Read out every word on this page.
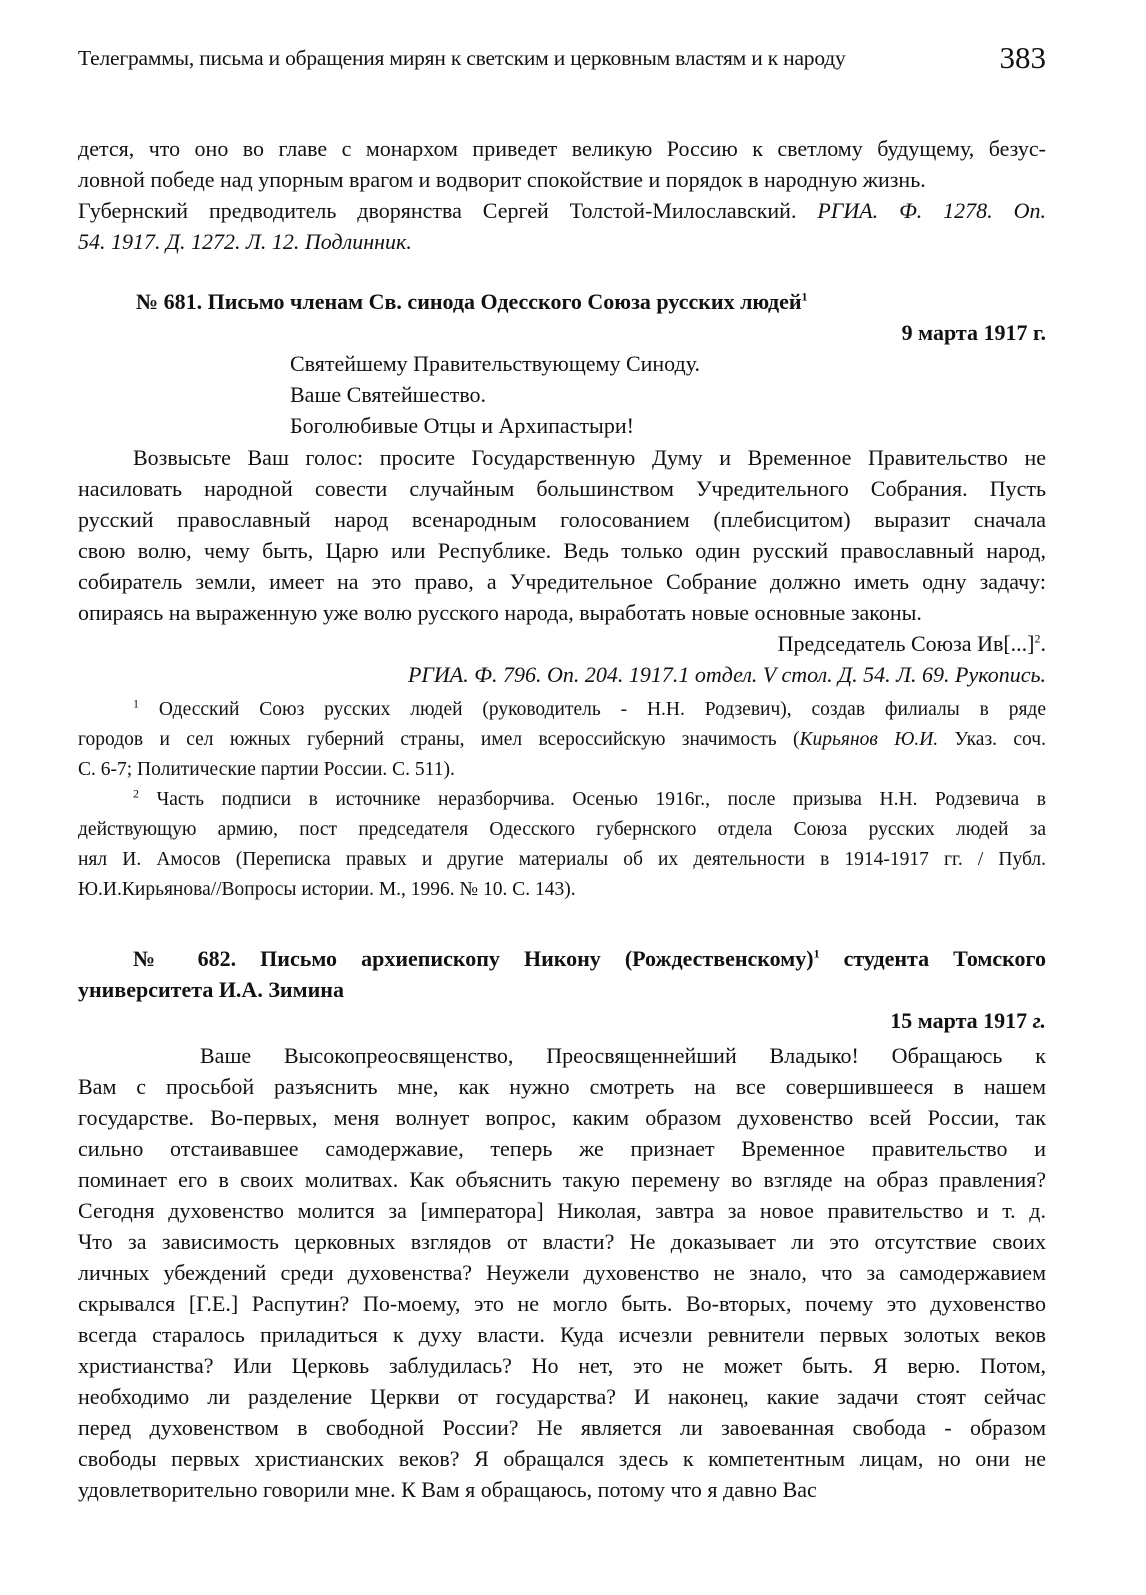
Телеграммы, письма и обращения мирян к светским и церковным властям и к народу	383
дется, что оно во главе с монархом приведет великую Россию к светлому будущему, безус-
ловной победе над упорным врагом и водворит спокойствие и порядок в народную жизнь.
Губернский предводитель дворянства Сергей Толстой-Милославский. РГИА. Ф. 1278. Оп.
54. 1917. Д. 1272. Л. 12. Подлинник.
№ 681. Письмо членам Св. синода Одесского Союза русских людей$^1$
9 марта 1917 г.
Святейшему Правительствующему Синоду.
Ваше Святейшество.
Боголюбивые Отцы и Архипастыри!
Возвысьте Ваш голос: просите Государственную Думу и Временное Правительство не
насиловать народной совести случайным большинством Учредительного Собрания. Пусть
русский православный народ всенародным голосованием (плебисцитом) выразит сначала
свою волю, чему быть, Царю или Республике. Ведь только один русский православный народ,
собиратель земли, имеет на это право, а Учредительное Собрание должно иметь одну задачу:
опираясь на выраженную уже волю русского народа, выработать новые основные законы.
Председатель Союза Ив[...]$^2$.
РГИА. Ф. 796. Оп. 204. 1917.1 отдел. V стол. Д. 54. Л. 69. Рукопись.
$^1$ Одесский Союз русских людей (руководитель - Н.Н. Родзевич), создав филиалы в ряде
городов и сел южных губерний страны, имел всероссийскую значимость (Кирьянов Ю.И. Указ. соч.
С. 6-7; Политические партии России. С. 511).
$^2$ Часть подписи в источнике неразборчива. Осенью 1916г., после призыва Н.Н. Родзевича в
действующую армию, пост председателя Одесского губернского отдела Союза русских людей за
нял И. Амосов (Переписка правых и другие материалы об их деятельности в 1914-1917 гг. / Публ.
Ю.И.Кирьянова//Вопросы истории. М., 1996. № 10. С. 143).
№ 682. Письмо архиепископу Никону (Рождественскому)$^1$ студента Томского
университета И.А. Зимина
15 марта 1917 г.
Ваше Высокопреосвященство, Преосвященнейший Владыко! Обращаюсь к
Вам с просьбой разъяснить мне, как нужно смотреть на все совершившееся в нашем
государстве. Во-первых, меня волнует вопрос, каким образом духовенство всей России, так
сильно отстаивавшее самодержавие, теперь же признает Временное правительство и
поминает его в своих молитвах. Как объяснить такую перемену во взгляде на образ правления?
Сегодня духовенство молится за [императора] Николая, завтра за новое правительство и т. д.
Что за зависимость церковных взглядов от власти? Не доказывает ли это отсутствие своих
личных убеждений среди духовенства? Неужели духовенство не знало, что за самодержавием
скрывался [Г.Е.] Распутин? По-моему, это не могло быть. Во-вторых, почему это духовенство
всегда старалось приладиться к духу власти. Куда исчезли ревнители первых золотых веков
христианства? Или Церковь заблудилась? Но нет, это не может быть. Я верю. Потом,
необходимо ли разделение Церкви от государства? И наконец, какие задачи стоят сейчас
перед духовенством в свободной России? Не является ли завоеванная свобода - образом
свободы первых христианских веков? Я обращался здесь к компетентным лицам, но они не
удовлетворительно говорили мне. К Вам я обращаюсь, потому что я давно Вас
